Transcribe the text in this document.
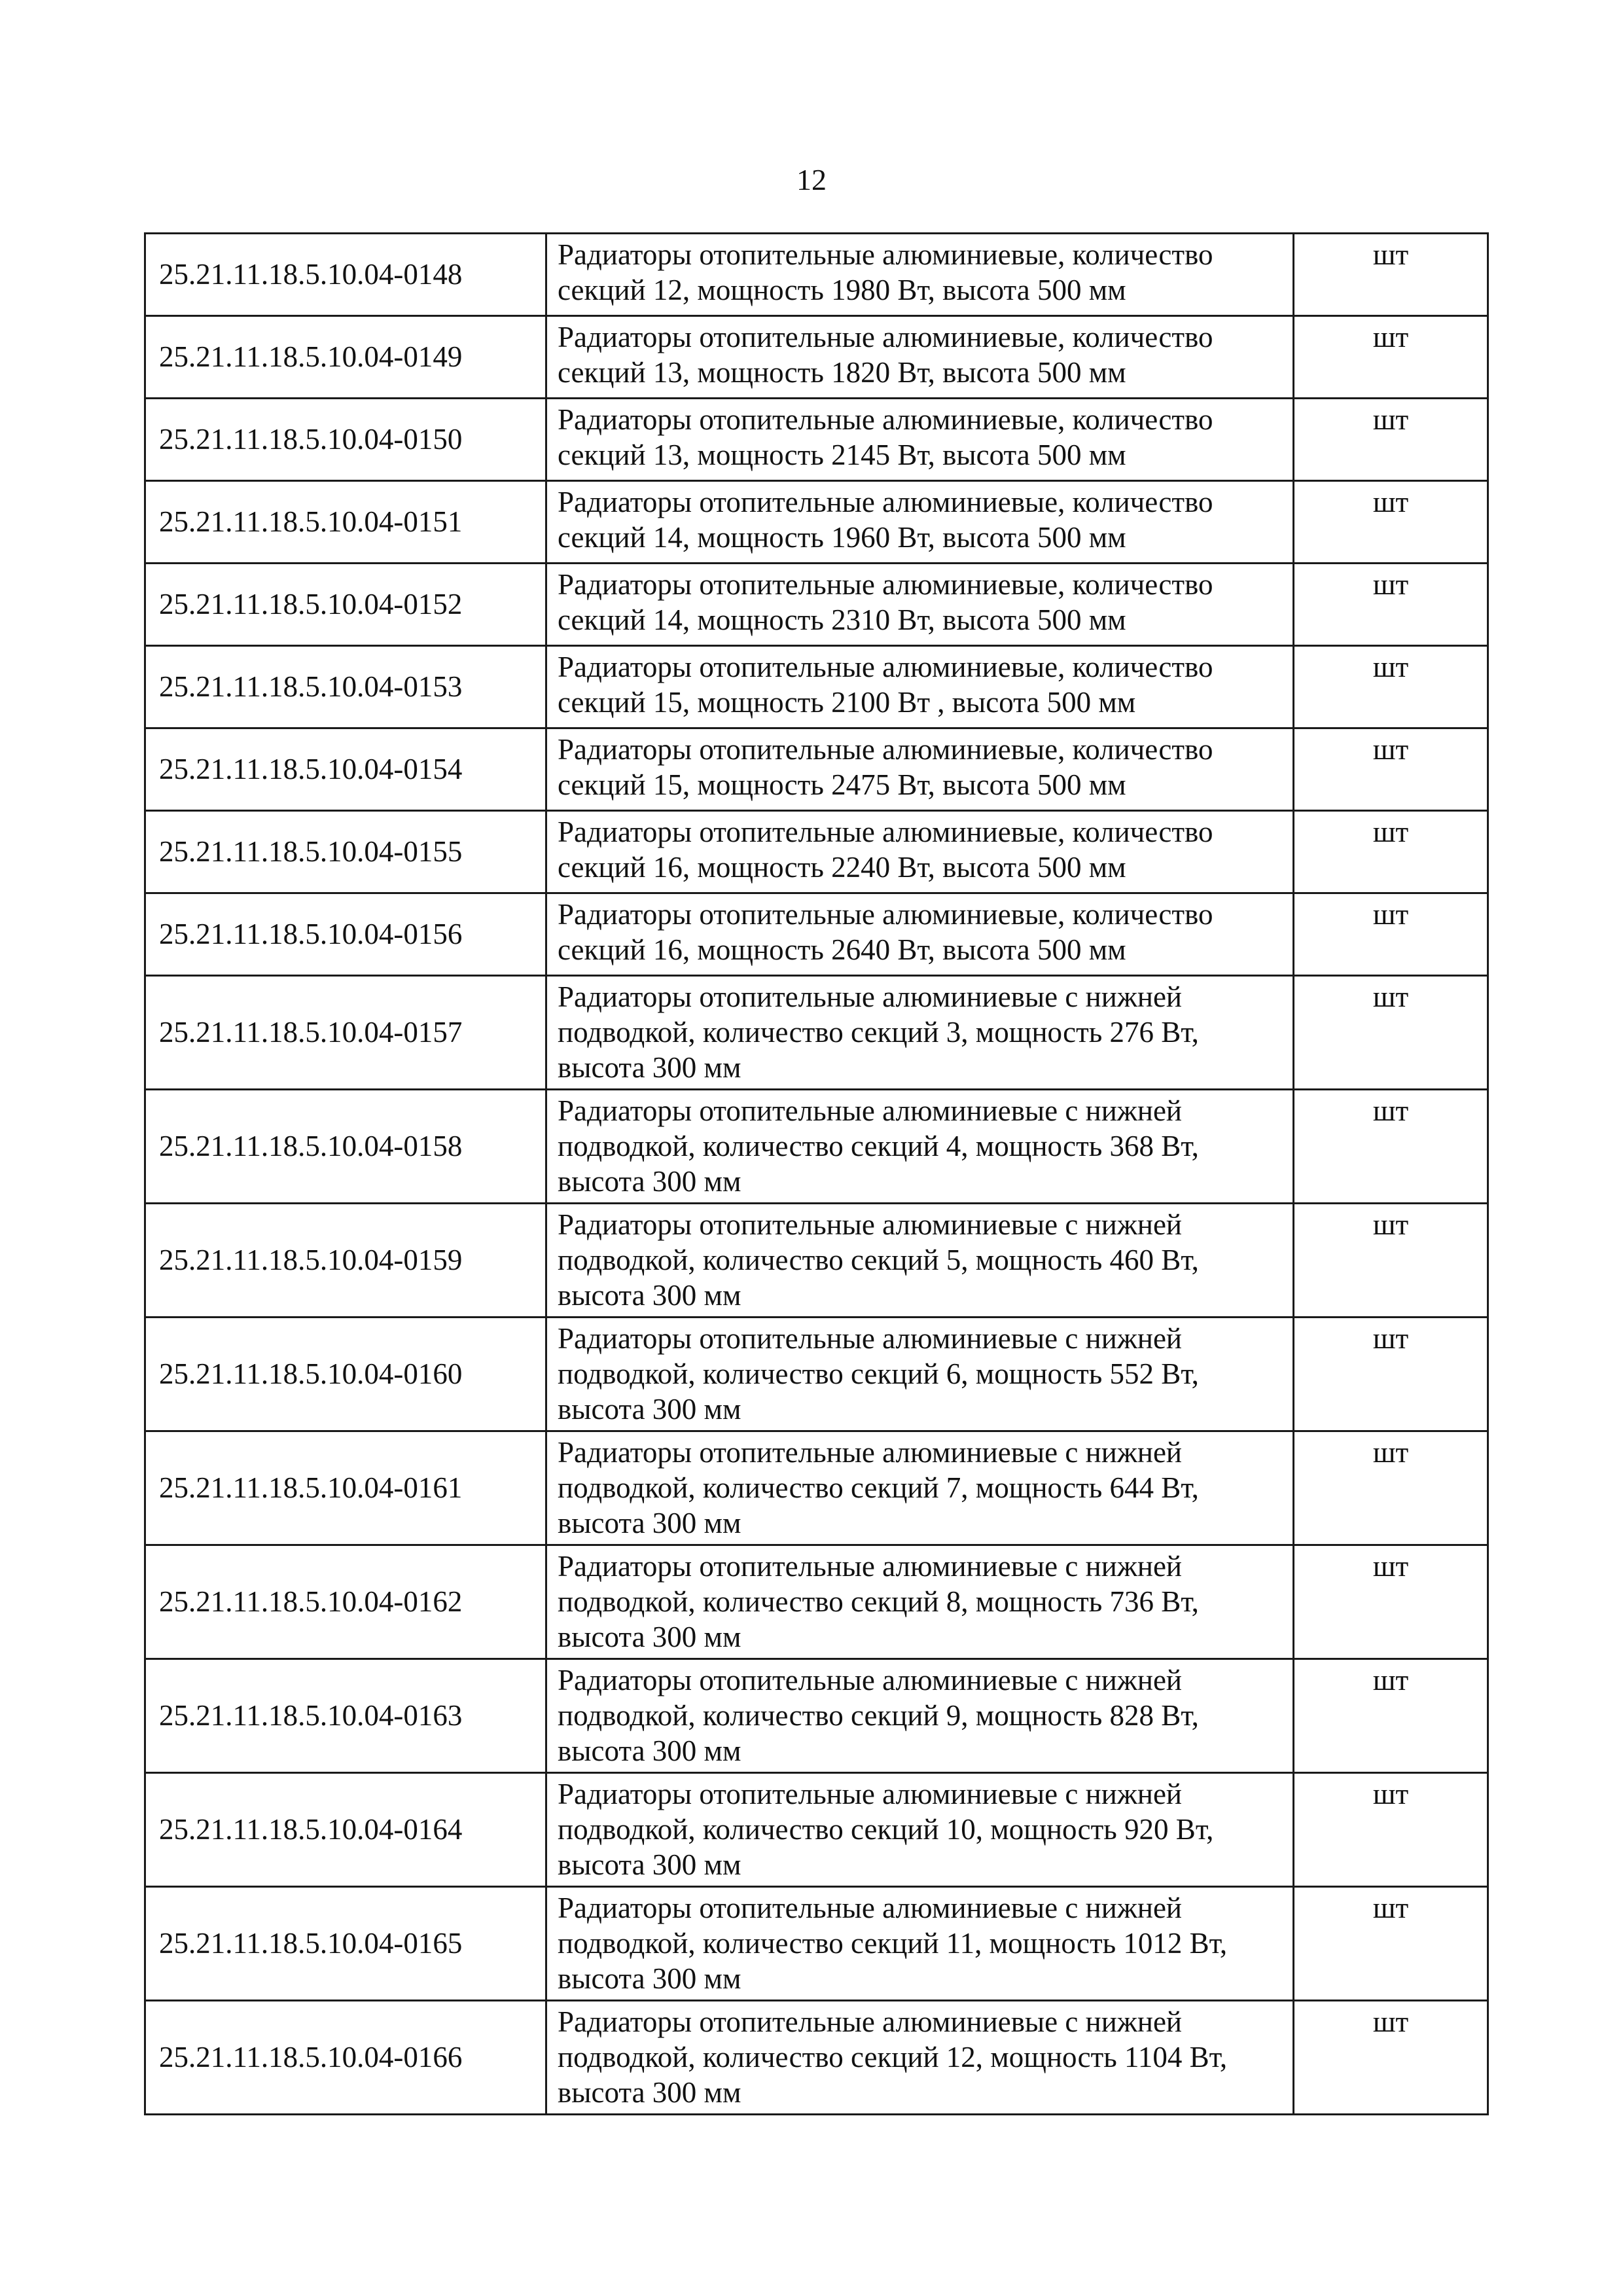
12
25.21.11.18.5.10.04-0148	Радиаторы отопительные алюминиевые, количество секций 12, мощность 1980 Вт, высота 500 мм	шт
25.21.11.18.5.10.04-0149	Радиаторы отопительные алюминиевые, количество секций 13, мощность 1820 Вт, высота 500 мм	шт
25.21.11.18.5.10.04-0150	Радиаторы отопительные алюминиевые, количество секций 13, мощность 2145 Вт, высота 500 мм	шт
25.21.11.18.5.10.04-0151	Радиаторы отопительные алюминиевые, количество секций 14, мощность 1960 Вт, высота 500 мм	шт
25.21.11.18.5.10.04-0152	Радиаторы отопительные алюминиевые, количество секций 14, мощность 2310 Вт, высота 500 мм	шт
25.21.11.18.5.10.04-0153	Радиаторы отопительные алюминиевые, количество секций 15, мощность 2100 Вт , высота 500 мм	шт
25.21.11.18.5.10.04-0154	Радиаторы отопительные алюминиевые, количество секций 15, мощность 2475 Вт, высота 500 мм	шт
25.21.11.18.5.10.04-0155	Радиаторы отопительные алюминиевые, количество секций 16, мощность 2240 Вт, высота 500 мм	шт
25.21.11.18.5.10.04-0156	Радиаторы отопительные алюминиевые, количество секций 16, мощность 2640 Вт, высота 500 мм	шт
25.21.11.18.5.10.04-0157	Радиаторы отопительные алюминиевые с нижней подводкой, количество секций 3, мощность 276 Вт, высота 300 мм	шт
25.21.11.18.5.10.04-0158	Радиаторы отопительные алюминиевые с нижней подводкой, количество секций 4, мощность 368 Вт, высота 300 мм	шт
25.21.11.18.5.10.04-0159	Радиаторы отопительные алюминиевые с нижней подводкой, количество секций 5, мощность 460 Вт, высота 300 мм	шт
25.21.11.18.5.10.04-0160	Радиаторы отопительные алюминиевые с нижней подводкой, количество секций 6, мощность 552 Вт, высота 300 мм	шт
25.21.11.18.5.10.04-0161	Радиаторы отопительные алюминиевые с нижней подводкой, количество секций 7, мощность 644 Вт, высота 300 мм	шт
25.21.11.18.5.10.04-0162	Радиаторы отопительные алюминиевые с нижней подводкой, количество секций 8, мощность 736 Вт, высота 300 мм	шт
25.21.11.18.5.10.04-0163	Радиаторы отопительные алюминиевые с нижней подводкой, количество секций 9, мощность 828 Вт, высота 300 мм	шт
25.21.11.18.5.10.04-0164	Радиаторы отопительные алюминиевые с нижней подводкой, количество секций 10, мощность 920 Вт, высота 300 мм	шт
25.21.11.18.5.10.04-0165	Радиаторы отопительные алюминиевые с нижней подводкой, количество секций 11, мощность 1012 Вт, высота 300 мм	шт
25.21.11.18.5.10.04-0166	Радиаторы отопительные алюминиевые с нижней подводкой, количество секций 12, мощность 1104 Вт, высота 300 мм	шт
